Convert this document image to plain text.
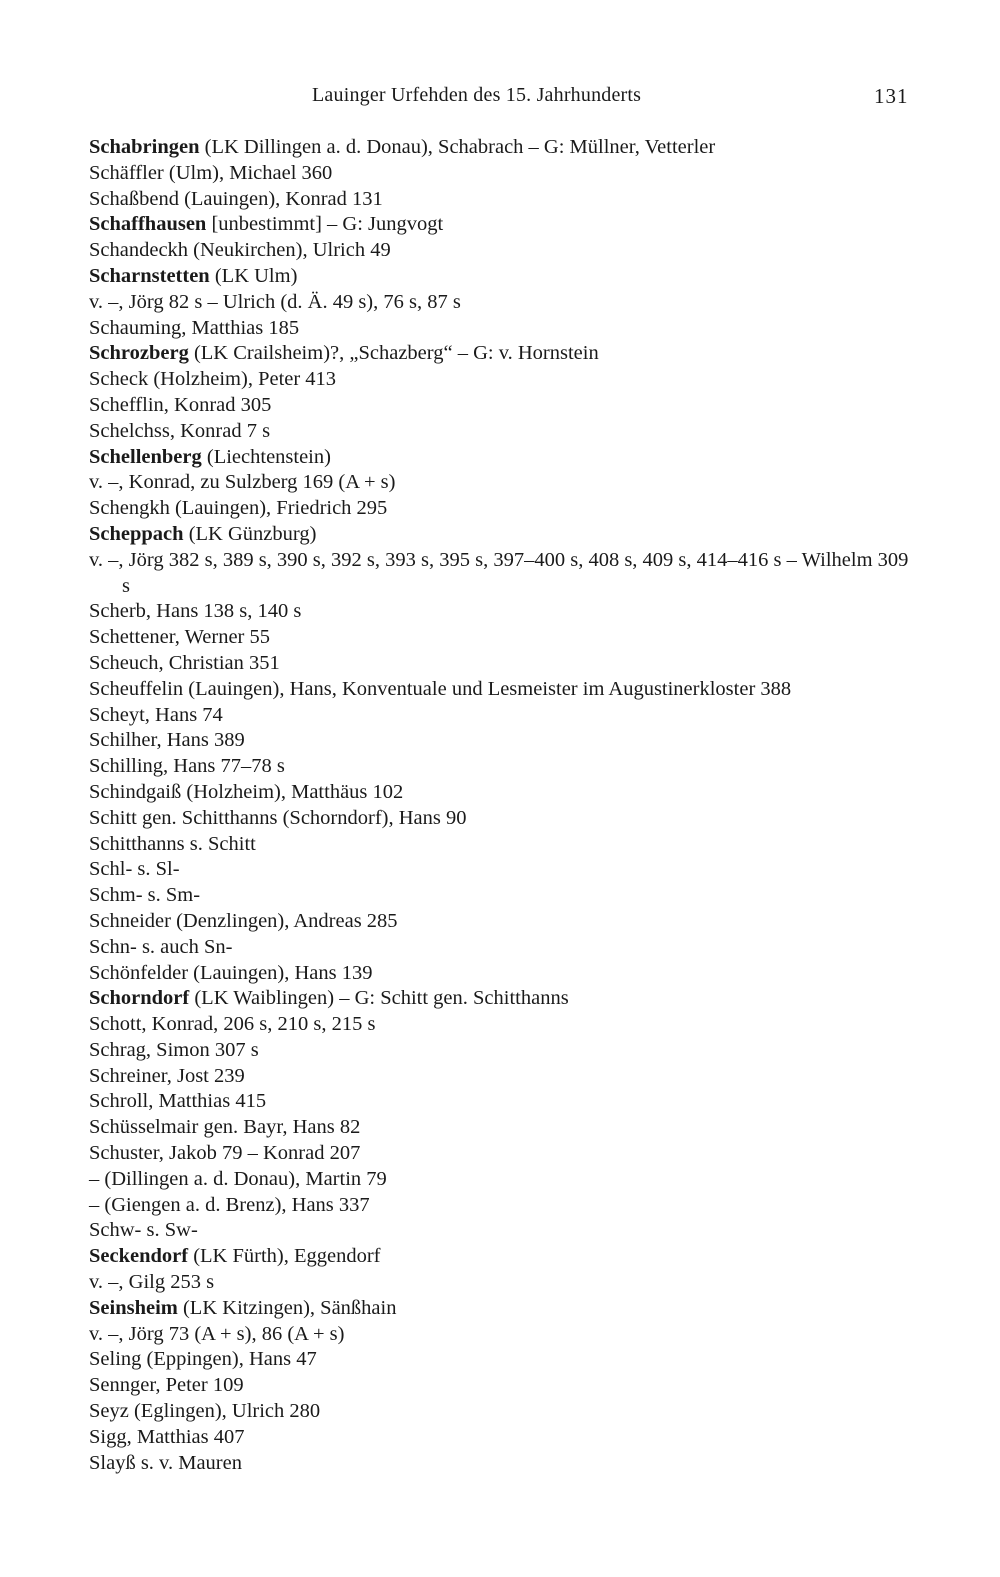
Lauinger Urfehden des 15. Jahrhunderts	131
Schabringen (LK Dillingen a. d. Donau), Schabrach – G: Müllner, Vetterler
Schäffler (Ulm), Michael 360
Schaßbend (Lauingen), Konrad 131
Schaffhausen [unbestimmt] – G: Jungvogt
Schandeckh (Neukirchen), Ulrich 49
Scharnstetten (LK Ulm)
v. –, Jörg 82 s – Ulrich (d. Ä. 49 s), 76 s, 87 s
Schauming, Matthias 185
Schrozberg (LK Crailsheim)?, „Schazberg“ – G: v. Hornstein
Scheck (Holzheim), Peter 413
Schefflin, Konrad 305
Schelchss, Konrad 7 s
Schellenberg (Liechtenstein)
v. –, Konrad, zu Sulzberg 169 (A + s)
Schengkh (Lauingen), Friedrich 295
Scheppach (LK Günzburg)
v. –, Jörg 382 s, 389 s, 390 s, 392 s, 393 s, 395 s, 397–400 s, 408 s, 409 s, 414–416 s – Wilhelm 309 s
Scherb, Hans 138 s, 140 s
Schettener, Werner 55
Scheuch, Christian 351
Scheuffelin (Lauingen), Hans, Konventuale und Lesmeister im Augustinerkloster 388
Scheyt, Hans 74
Schilher, Hans 389
Schilling, Hans 77–78 s
Schindgaiß (Holzheim), Matthäus 102
Schitt gen. Schitthanns (Schorndorf), Hans 90
Schitthanns s. Schitt
Schl- s. Sl-
Schm- s. Sm-
Schneider (Denzlingen), Andreas 285
Schn- s. auch Sn-
Schönfelder (Lauingen), Hans 139
Schorndorf (LK Waiblingen) – G: Schitt gen. Schitthanns
Schott, Konrad, 206 s, 210 s, 215 s
Schrag, Simon 307 s
Schreiner, Jost 239
Schroll, Matthias 415
Schüsselmair gen. Bayr, Hans 82
Schuster, Jakob 79 – Konrad 207
– (Dillingen a. d. Donau), Martin 79
– (Giengen a. d. Brenz), Hans 337
Schw- s. Sw-
Seckendorf (LK Fürth), Eggendorf
v. –, Gilg 253 s
Seinsheim (LK Kitzingen), Sänßhain
v. –, Jörg 73 (A + s), 86 (A + s)
Seling (Eppingen), Hans 47
Sennger, Peter 109
Seyz (Eglingen), Ulrich 280
Sigg, Matthias 407
Slayß s. v. Mauren
